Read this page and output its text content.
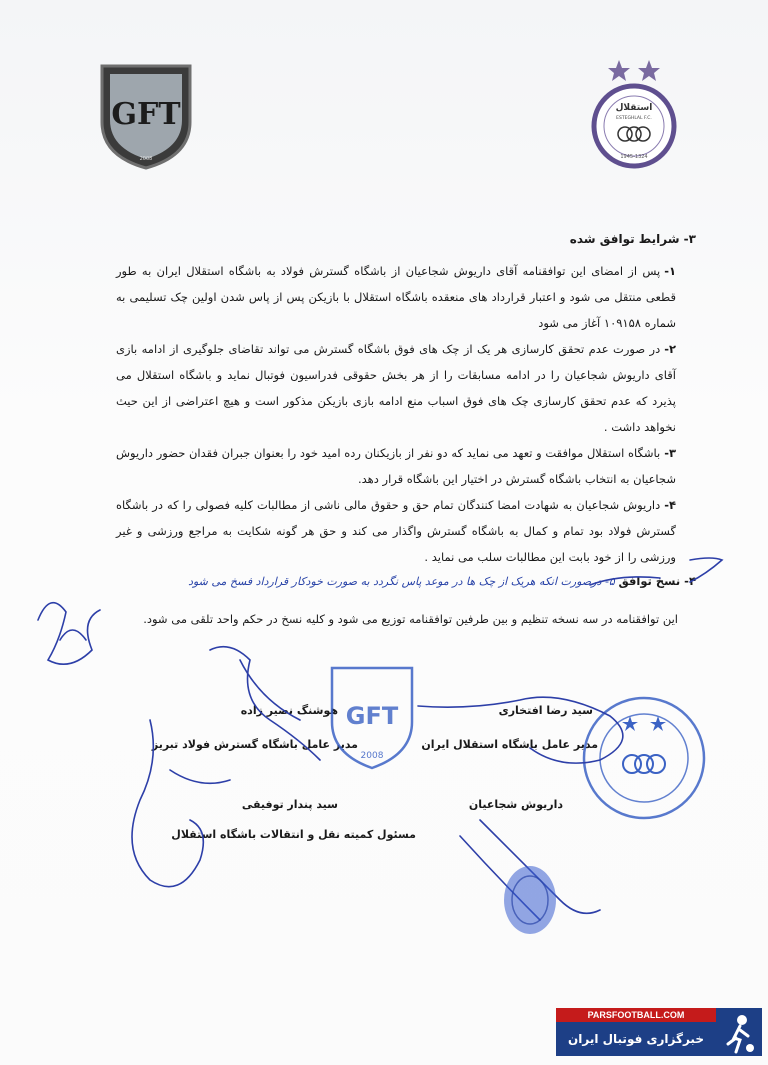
GFT
2008
استقلال
ESTEGHLAL F.C.
1945-1324
۳- شرایط توافق شده
۱-پس از امضای این توافقنامه آقای داریوش شجاعیان از باشگاه گسترش فولاد به باشگاه استقلال ایران به طور قطعی منتقل می شود و اعتبار قرارداد های منعقده باشگاه استقلال با بازیکن پس از پاس شدن اولین چک تسلیمی به شماره ۱۰۹۱۵۸ آغاز می شود
۲-در صورت عدم تحقق کارسازی هر یک از چک های فوق باشگاه گسترش می تواند تقاضای جلوگیری از ادامه بازی آقای داریوش شجاعیان را در ادامه مسابقات را از هر بخش حقوقی فدراسیون فوتبال نماید و باشگاه استقلال می پذیرد که عدم تحقق کارسازی چک های فوق اسباب منع ادامه بازی بازیکن مذکور است و هیچ اعتراضی از این حیث نخواهد داشت .
۳-باشگاه استقلال موافقت و تعهد می نماید که دو نفر از بازیکنان رده امید خود را بعنوان جبران فقدان حضور داریوش شجاعیان به انتخاب باشگاه گسترش در اختیار این باشگاه قرار دهد.
۴-داریوش شجاعیان به شهادت امضا کنندگان تمام حق و حقوق مالی ناشی از مطالبات کلیه فصولی را که در باشگاه گسترش فولاد بود تمام و کمال به باشگاه گسترش واگذار می کند و حق هر گونه شکایت به مراجع ورزشی و غیر ورزشی را از خود بابت این مطالبات سلب می نماید .
۴- نسخ توافق ۵- درصورت انکه هریک از چک ها در موعد پاس نگردد به صورت خودکار قرارداد فسخ می شود
این توافقنامه در سه نسخه تنظیم و بین طرفین توافقنامه توزیع می شود و کلیه نسخ در حکم واحد تلقی می شود.
سید رضا افتخاری
مدیر عامل باشگاه استقلال ایران
هوشنگ نصیر زاده
مدیر عامل باشگاه گسترش فولاد تبریز
داریوش شجاعیان
سید پندار توفیقی
مسئول کمیته نقل و انتقالات باشگاه استقلال
GFT
2008
PARSFOOTBALL.COM
خبرگزاری فوتبال ایران
